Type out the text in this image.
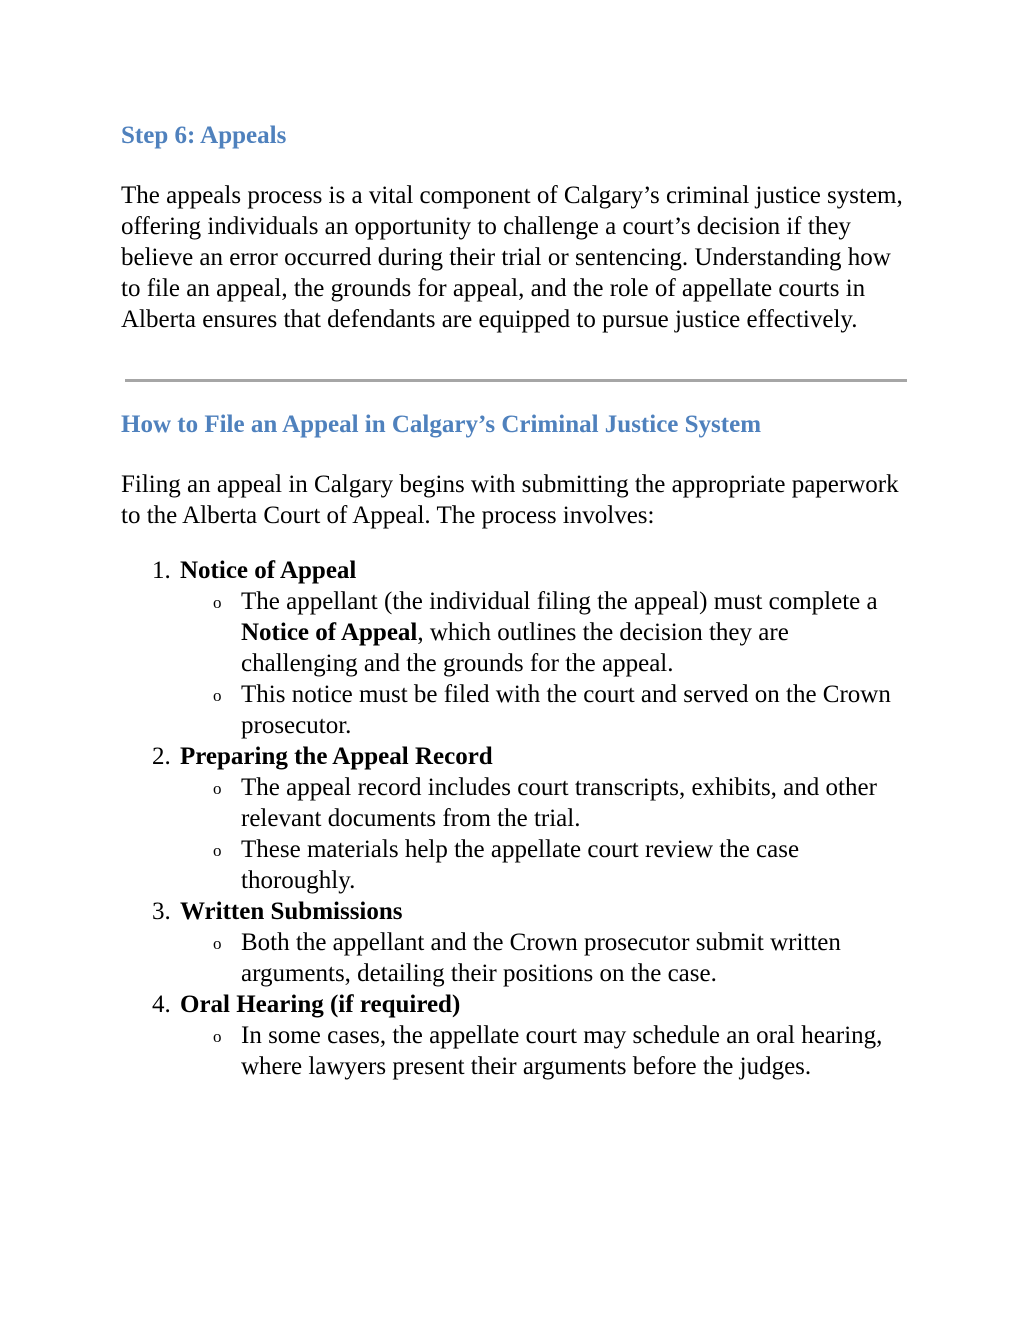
Step 6: Appeals

The appeals process is a vital component of Calgary’s criminal justice system, offering individuals an opportunity to challenge a court’s decision if they believe an error occurred during their trial or sentencing. Understanding how to file an appeal, the grounds for appeal, and the role of appellate courts in Alberta ensures that defendants are equipped to pursue justice effectively.

How to File an Appeal in Calgary’s Criminal Justice System

Filing an appeal in Calgary begins with submitting the appropriate paperwork to the Alberta Court of Appeal. The process involves:

1. Notice of Appeal
o The appellant (the individual filing the appeal) must complete a Notice of Appeal, which outlines the decision they are challenging and the grounds for the appeal.
o This notice must be filed with the court and served on the Crown prosecutor.
2. Preparing the Appeal Record
o The appeal record includes court transcripts, exhibits, and other relevant documents from the trial.
o These materials help the appellate court review the case thoroughly.
3. Written Submissions
o Both the appellant and the Crown prosecutor submit written arguments, detailing their positions on the case.
4. Oral Hearing (if required)
o In some cases, the appellate court may schedule an oral hearing, where lawyers present their arguments before the judges.
